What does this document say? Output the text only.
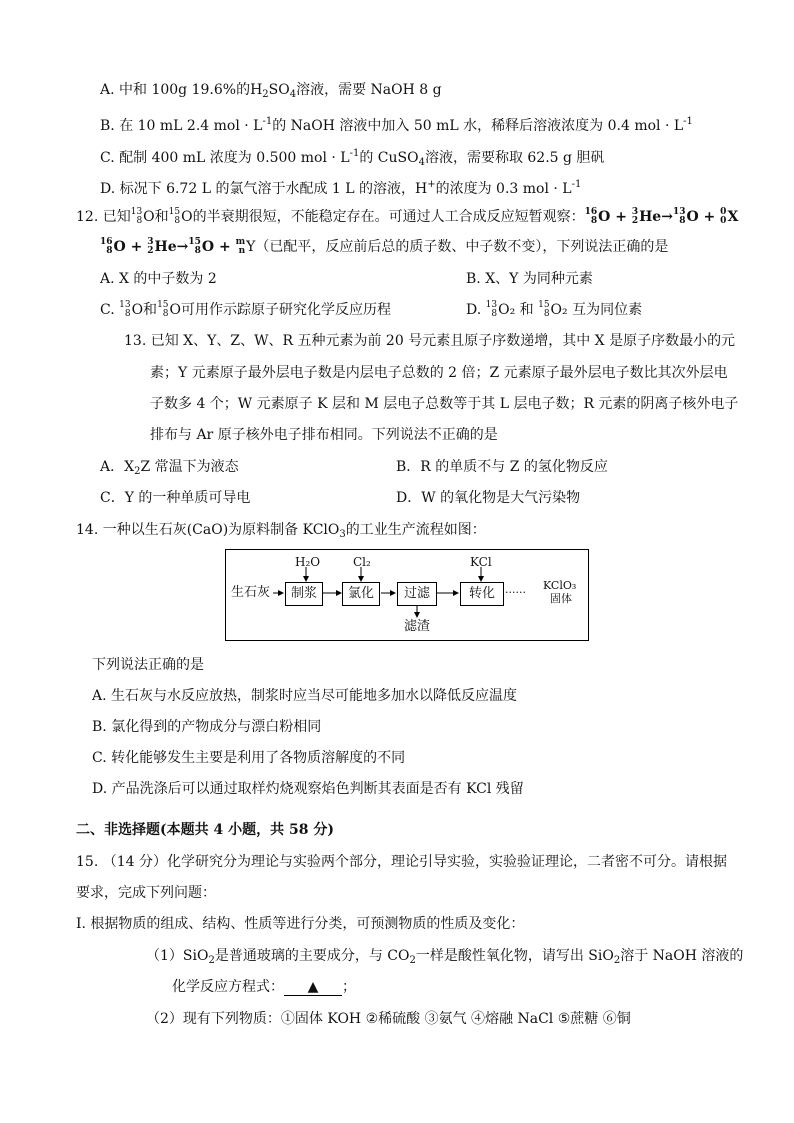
A. 中和 100g 19.6%的$H_2SO_4$溶液，需要 NaOH 8 g
B. 在 10 mL 2.4 mol · $L^{-1}$的 NaOH 溶液中加入 50 mL 水，稀释后溶液浓度为 0.4 mol · $L^{-1}$
C. 配制 400 mL 浓度为 0.500 mol · $L^{-1}$的 CuSO$_4$溶液，需要称取 62.5 g 胆矾
D. 标况下 6.72 L 的氯气溶于水配成 1 L 的溶液，H+的浓度为 0.3 mol · $L^{-1}$
12. 已知 13
8 O和 15
8 O的半衰期很短，不能稳定存在。可通过人工合成反应短暂观察： 16
8 O + 3
2 He→ 13
8 O + 0
0 X
16
8 O + 3
2 He→ 15
8 O + m
n Y（已配平，反应前后总的质子数、中子数不变），下列说法正确的是
A. X 的中子数为 2	B. X、Y 为同种元素
C. 13
8 O和 15
8 O可用作示踪原子研究化学反应历程	D. 13
8 O₂ 和 15
8 O₂ 互为同位素
13. 已知 X、Y、Z、W、R 五种元素为前 20 号元素且原子序数递增，其中 X 是原子序数最小的元
素；Y 元素原子最外层电子数是内层电子总数的 2 倍；Z 元素原子最外层电子数比其次外层电
子数多 4 个；W 元素原子 K 层和 M 层电子总数等于其 L 层电子数；R 元素的阴离子核外电子
排布与 Ar 原子核外电子排布相同。下列说法不正确的是
A．$X_2Z$ 常温下为液态	B．R 的单质不与 Z 的氢化物反应
C．Y 的一种单质可导电	D．W 的氧化物是大气污染物
14. 一种以生石灰(CaO)为原料制备 KClO$_3$的工业生产流程如图：
生石灰	制浆	氯化	过滤	转化
H₂O	Cl₂	KCl
······
KClO₃
固体
滤渣
下列说法正确的是
A. 生石灰与水反应放热，制浆时应当尽可能地多加水以降低反应温度
B. 氯化得到的产物成分与漂白粉相同
C. 转化能够发生主要是利用了各物质溶解度的不同
D. 产品洗涤后可以通过取样灼烧观察焰色判断其表面是否有 KCl 残留
二、非选择题(本题共 4 小题，共 58 分)
15. （14 分）化学研究分为理论与实验两个部分，理论引导实验，实验验证理论，二者密不可分。请根据
要求，完成下列问题：
Ⅰ. 根据物质的组成、结构、性质等进行分类，可预测物质的性质及变化：
（1）SiO$_2$是普通玻璃的主要成分，与 $CO_2$一样是酸性氧化物，请写出 SiO$_2$溶于 NaOH 溶液的
化学反应方程式： ▲ ；
（2）现有下列物质：①固体 KOH ②稀硫酸 ③氨气 ④熔融 NaCl ⑤蔗糖 ⑥铜
